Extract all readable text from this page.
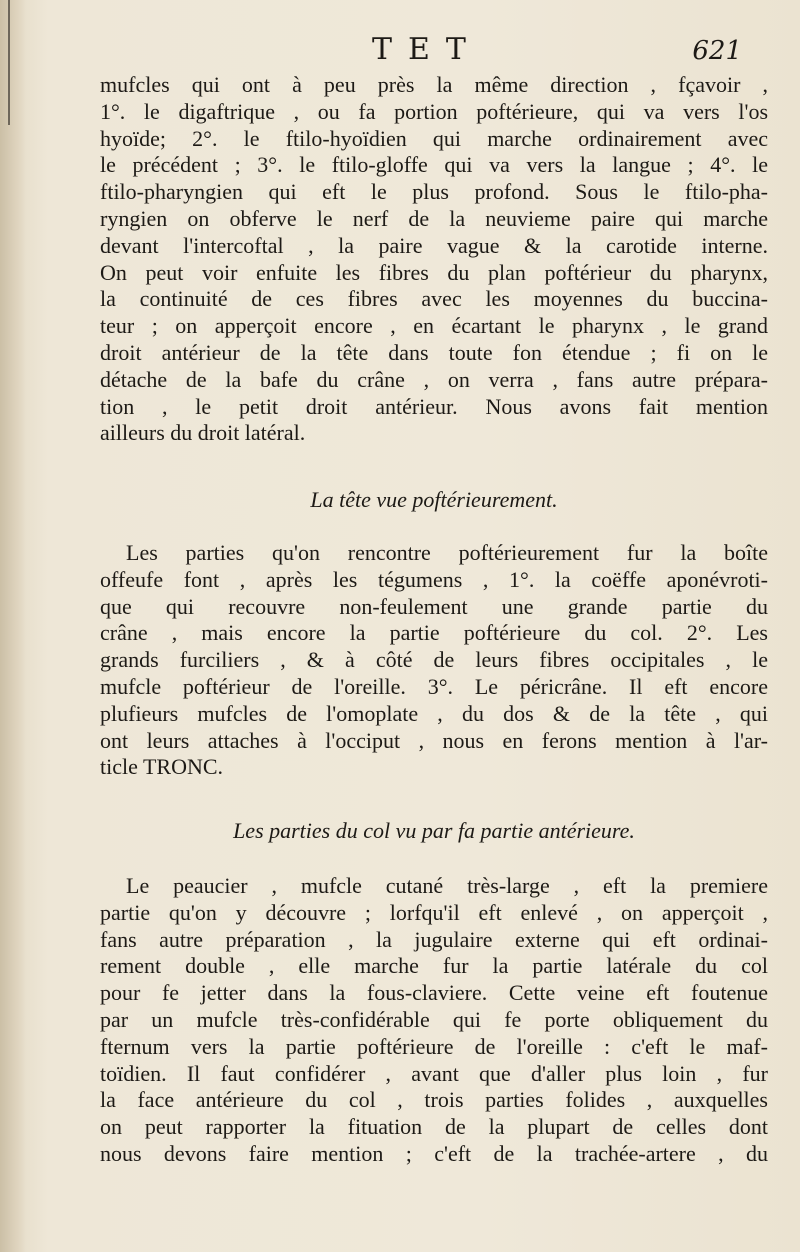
TET	621
mufcles qui ont à peu près la même direction , fçavoir ,
1°. le digaftrique , ou fa portion poftérieure, qui va vers l'os
hyoïde; 2°. le ftilo-hyoïdien qui marche ordinairement avec
le précédent ; 3°. le ftilo-gloffe qui va vers la langue ; 4°. le
ftilo-pharyngien qui eft le plus profond. Sous le ftilo-pha-
ryngien on obferve le nerf de la neuvieme paire qui marche
devant l'intercoftal , la paire vague & la carotide interne.
On peut voir enfuite les fibres du plan poftérieur du pharynx,
la continuité de ces fibres avec les moyennes du buccina-
teur ; on apperçoit encore , en écartant le pharynx , le grand
droit antérieur de la tête dans toute fon étendue ; fi on le
détache de la bafe du crâne , on verra , fans autre prépara-
tion , le petit droit antérieur. Nous avons fait mention
ailleurs du droit latéral.
La tête vue poftérieurement.
Les parties qu'on rencontre poftérieurement fur la boîte
offeufe font , après les tégumens , 1°. la coëffe aponévroti-
que qui recouvre non-feulement une grande partie du
crâne , mais encore la partie poftérieure du col. 2°. Les
grands furciliers , & à côté de leurs fibres occipitales , le
mufcle poftérieur de l'oreille. 3°. Le péricrâne. Il eft encore
plufieurs mufcles de l'omoplate , du dos & de la tête , qui
ont leurs attaches à l'occiput , nous en ferons mention à l'ar-
ticle TRONC.
Les parties du col vu par fa partie antérieure.
Le peaucier , mufcle cutané très-large , eft la premiere
partie qu'on y découvre ; lorfqu'il eft enlevé , on apperçoit ,
fans autre préparation , la jugulaire externe qui eft ordinai-
rement double , elle marche fur la partie latérale du col
pour fe jetter dans la fous-claviere. Cette veine eft foutenue
par un mufcle très-confidérable qui fe porte obliquement du
fternum vers la partie poftérieure de l'oreille : c'eft le maf-
toïdien. Il faut confidérer , avant que d'aller plus loin , fur
la face antérieure du col , trois parties folides , auxquelles
on peut rapporter la fituation de la plupart de celles dont
nous devons faire mention ; c'eft de la trachée-artere , du
